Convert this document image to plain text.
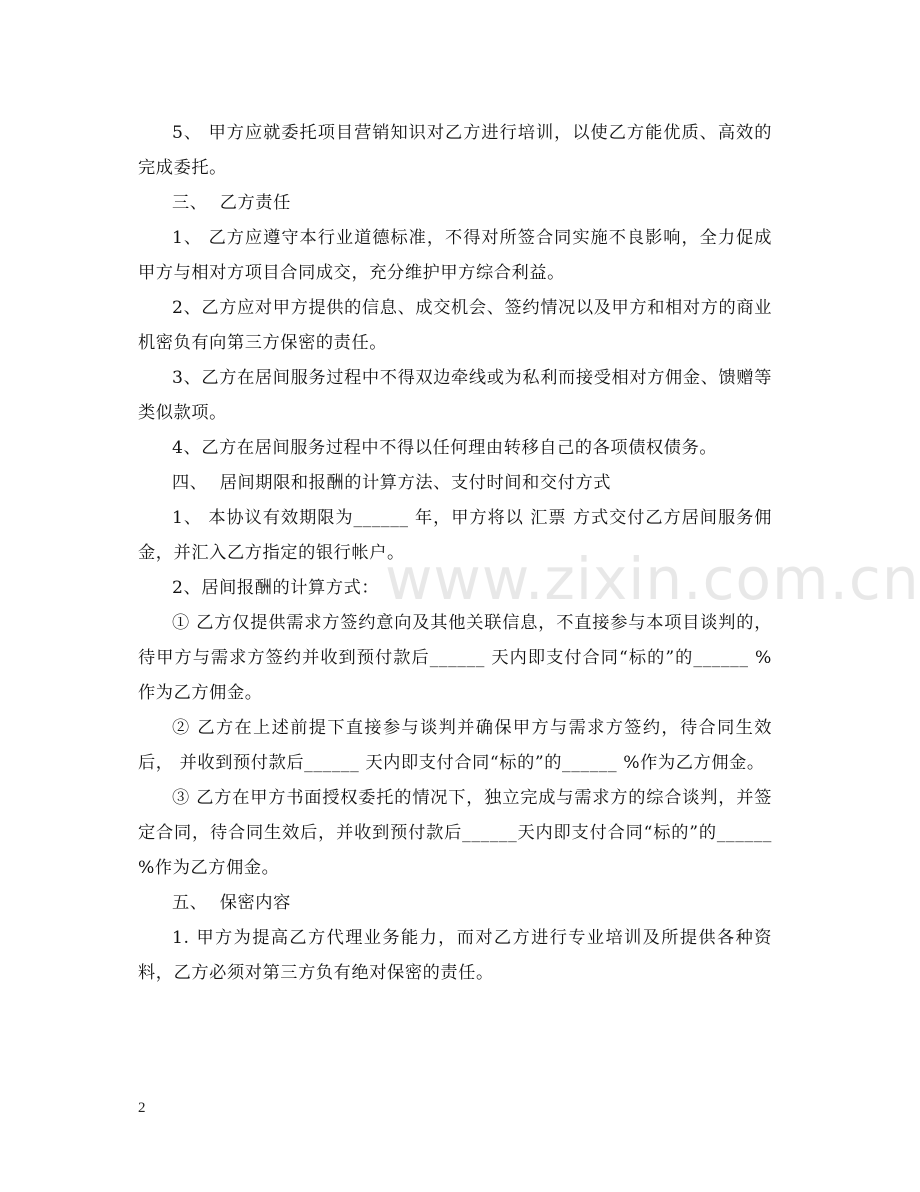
5、 甲方应就委托项目营销知识对乙方进行培训，以使乙方能优质、高效的完成委托。

三、  乙方责任

1、 乙方应遵守本行业道德标准，不得对所签合同实施不良影响，全力促成甲方与相对方项目合同成交，充分维护甲方综合利益。

2、乙方应对甲方提供的信息、成交机会、签约情况以及甲方和相对方的商业机密负有向第三方保密的责任。

3、乙方在居间服务过程中不得双边牵线或为私利而接受相对方佣金、馈赠等类似款项。

4、乙方在居间服务过程中不得以任何理由转移自己的各项债权债务。

四、  居间期限和报酬的计算方法、支付时间和交付方式

1、 本协议有效期限为______ 年，甲方将以 汇票 方式交付乙方居间服务佣金，并汇入乙方指定的银行帐户。

2、居间报酬的计算方式：

① 乙方仅提供需求方签约意向及其他关联信息，不直接参与本项目谈判的，待甲方与需求方签约并收到预付款后______ 天内即支付合同“标的”的______ %作为乙方佣金。

② 乙方在上述前提下直接参与谈判并确保甲方与需求方签约，待合同生效后， 并收到预付款后______ 天内即支付合同“标的”的______ %作为乙方佣金。

③ 乙方在甲方书面授权委托的情况下，独立完成与需求方的综合谈判，并签定合同，待合同生效后，并收到预付款后______天内即支付合同“标的”的______ %作为乙方佣金。

五、  保密内容

1. 甲方为提高乙方代理业务能力，而对乙方进行专业培训及所提供各种资料，乙方必须对第三方负有绝对保密的责任。

www.zixin.com.cn
2
